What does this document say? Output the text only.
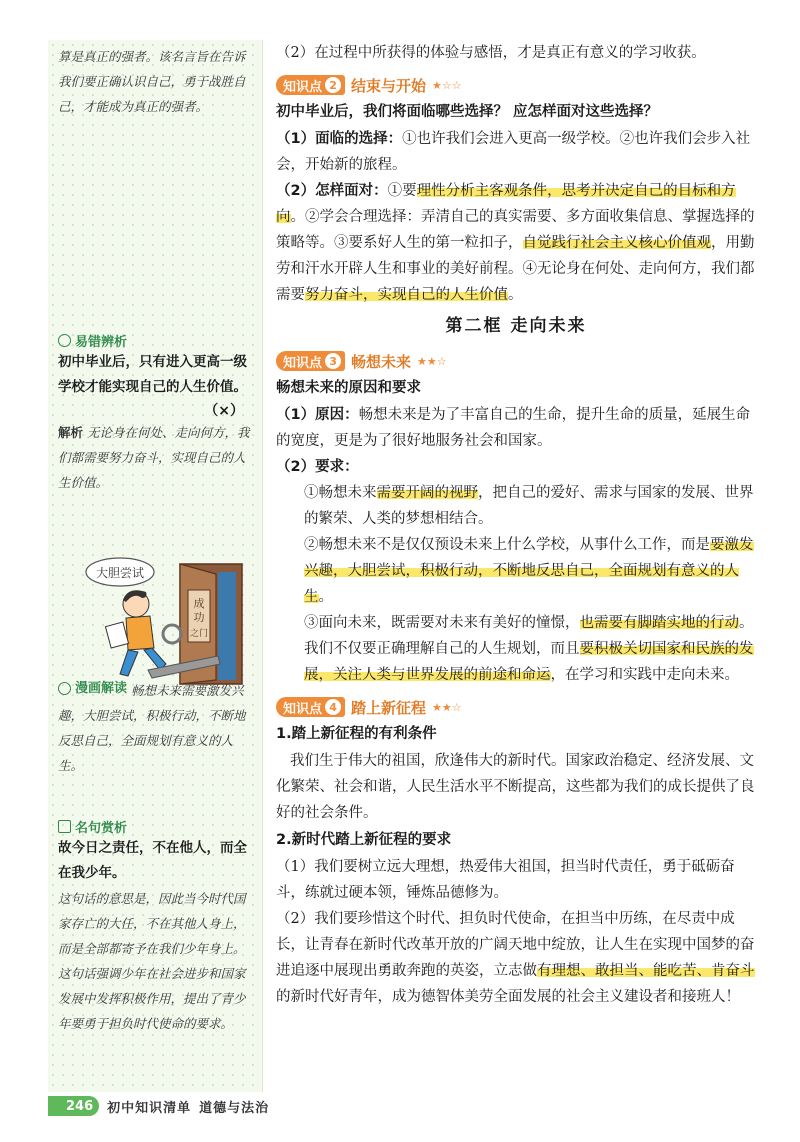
算是真正的强者。该名言旨在告诉我们要正确认识自己，勇于战胜自己，才能成为真正的强者。
易错辨析
初中毕业后，只有进入更高一级学校才能实现自己的人生价值。
（×）
解析 无论身在何处、走向何方，我们都需要努力奋斗，实现自己的人生价值。
大胆尝试
成
功
之门
漫画解读 畅想未来需要激发兴趣，大胆尝试，积极行动，不断地反思自己，全面规划有意义的人生。
名句赏析
故今日之责任，不在他人，而全在我少年。
这句话的意思是，因此当今时代国家存亡的大任，不在其他人身上，而是全部都寄予在我们少年身上。这句话强调少年在社会进步和国家发展中发挥积极作用，提出了青少年要勇于担负时代使命的要求。
（2）在过程中所获得的体验与感悟，才是真正有意义的学习收获。
知识点 2 结束与开始 ★☆☆
初中毕业后，我们将面临哪些选择？ 应怎样面对这些选择？
（1）面临的选择：①也许我们会进入更高一级学校。②也许我们会步入社会，开始新的旅程。
（2）怎样面对：①要理性分析主客观条件，思考并决定自己的目标和方向。②学会合理选择：弄清自己的真实需要、多方面收集信息、掌握选择的策略等。③要系好人生的第一粒扣子，自觉践行社会主义核心价值观，用勤劳和汗水开辟人生和事业的美好前程。④无论身在何处、走向何方，我们都需要努力奋斗，实现自己的人生价值。
第二框 走向未来
知识点 3 畅想未来 ★★☆
畅想未来的原因和要求
（1）原因：畅想未来是为了丰富自己的生命，提升生命的质量，延展生命的宽度，更是为了很好地服务社会和国家。
（2）要求：
①畅想未来需要开阔的视野，把自己的爱好、需求与国家的发展、世界的繁荣、人类的梦想相结合。
②畅想未来不是仅仅预设未来上什么学校，从事什么工作，而是要激发兴趣，大胆尝试，积极行动，不断地反思自己，全面规划有意义的人生。
③面向未来，既需要对未来有美好的憧憬，也需要有脚踏实地的行动。我们不仅要正确理解自己的人生规划，而且要积极关切国家和民族的发展，关注人类与世界发展的前途和命运，在学习和实践中走向未来。
知识点 4 踏上新征程 ★★☆
1.踏上新征程的有利条件
我们生于伟大的祖国，欣逢伟大的新时代。国家政治稳定、经济发展、文化繁荣、社会和谐，人民生活水平不断提高，这些都为我们的成长提供了良好的社会条件。
2.新时代踏上新征程的要求
（1）我们要树立远大理想，热爱伟大祖国，担当时代责任，勇于砥砺奋斗，练就过硬本领，锤炼品德修为。
（2）我们要珍惜这个时代、担负时代使命，在担当中历练，在尽责中成长，让青春在新时代改革开放的广阔天地中绽放，让人生在实现中国梦的奋进追逐中展现出勇敢奔跑的英姿，立志做有理想、敢担当、能吃苦、肯奋斗的新时代好青年，成为德智体美劳全面发展的社会主义建设者和接班人！
246	初中知识清单 道德与法治
